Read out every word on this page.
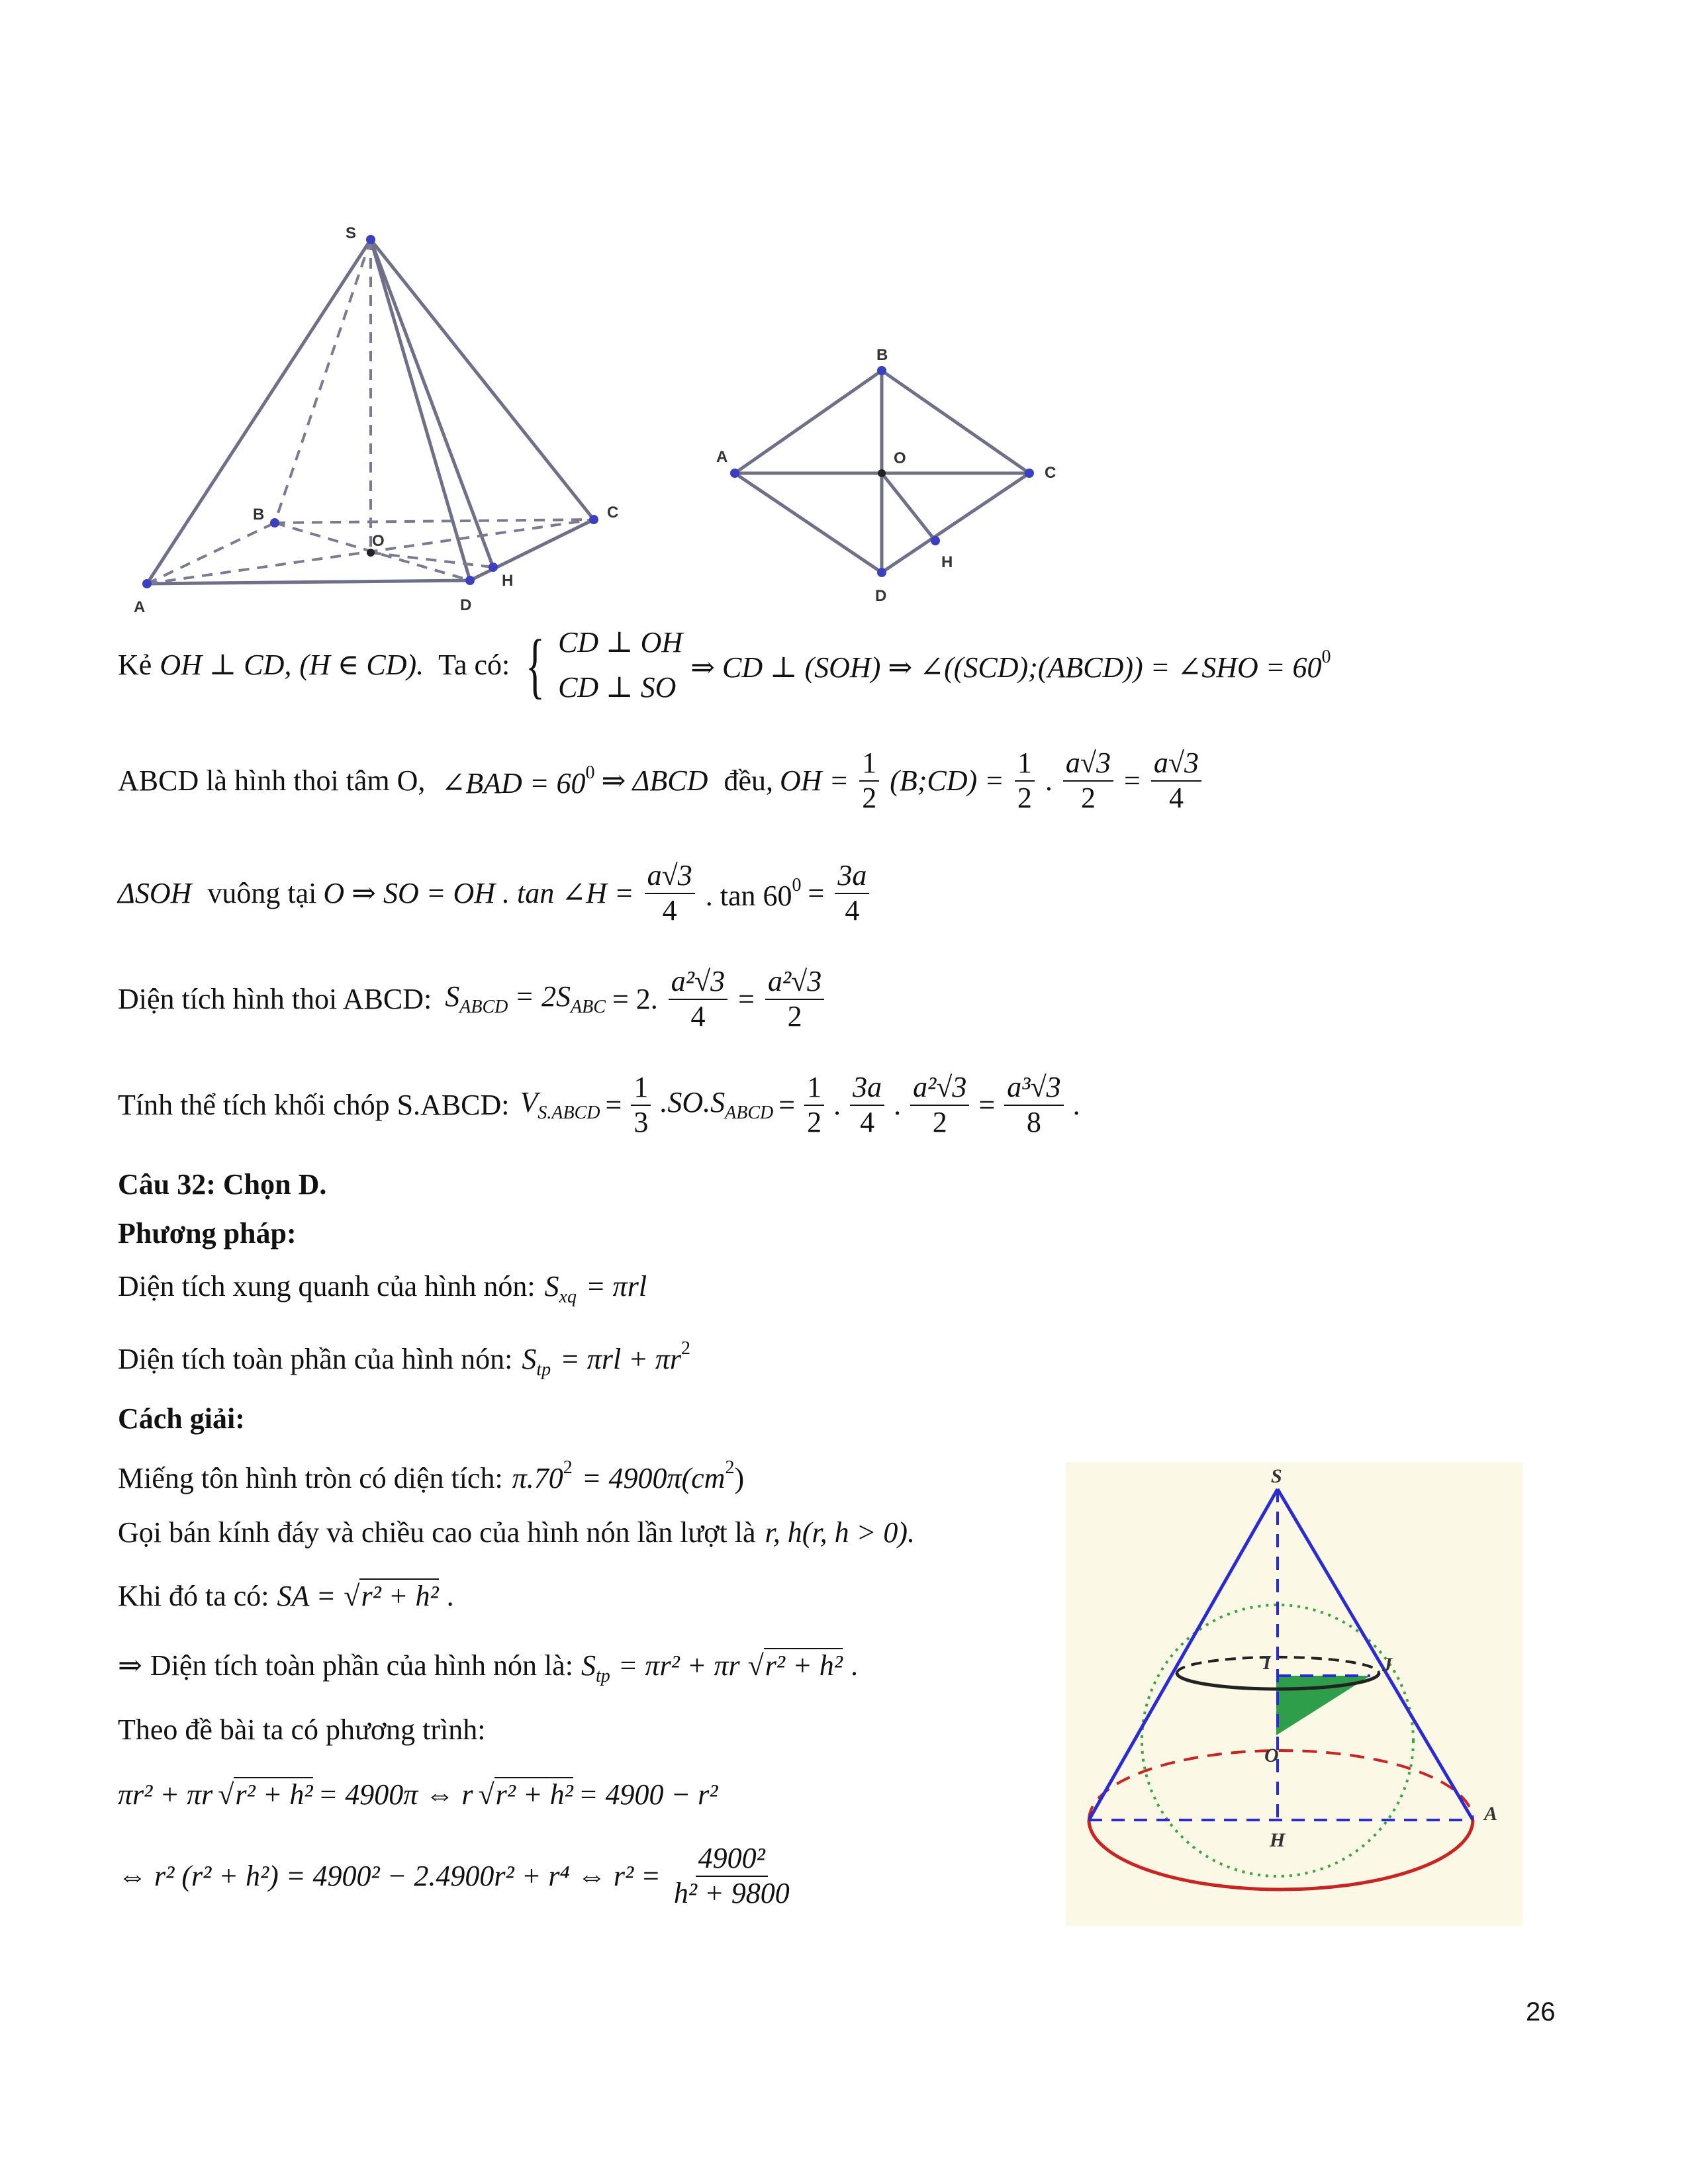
S
B
O
C
A	D
H
B
A	O
C
H
D
Kẻ OH ⊥ CD, (H ∈ CD). Ta có: { CD ⊥ OH
CD ⊥ SO
⇒ CD ⊥ (SOH) ⇒ ∠((SCD);(ABCD)) = ∠SHO = $60^0$
ABCD là hình thoi tâm O, ∠BAD = $60^0$ ⇒ ΔBCD đều, OH = $\frac{1}{2}$ (B;CD) = $\frac{1}{2}$ . $\frac{a√3}{2} = \frac{a√3}{4}$
ΔSOH vuông tại O ⇒ SO = OH . tan ∠H = $\frac{a√3}{4}$ . $\tan 60^0 = \frac{3a}{4}$
Diện tích hình thoi ABCD: $S_{ABCD} = 2S_{ABC} = 2$. $\frac{\text{a²√3}}{4} = \frac{\text{a²√3}}{2}$
Tính thể tích khối chóp S.ABCD: $V_{S.ABCD} = \frac{1}{3} .SO.S_{ABCD} = \frac{1}{2}$ . $\frac{3a}{4}$ . $\frac{\text{a²√3}}{2} = \frac{\text{a³√3}}{8}$ .
Câu 32: Chọn D.
Phương pháp:
Diện tích xung quanh của hình nón: $S_{xq} = \pi rl$
Diện tích toàn phần của hình nón: $S_{tp} = \pi rl + \pi r^2$
Cách giải:
Miếng tôn hình tròn có diện tích: $\pi.70^2 = 4900\pi(cm^2)$
Gọi bán kính đáy và chiều cao của hình nón lần lượt là r, h(r, h > 0).
Khi đó ta có: SA = √r² + h² .
⇒ Diện tích toàn phần của hình nón là: $S_{tp} = \pi r^2 + \pi r$ √r² + h² .
Theo đề bài ta có phương trình:
πr² + πr √r² + h² = 4900π ⇔ r √r² + h² = 4900 − r²
⇔ r² (r² + h²) = 4900² − 2.4900r² + r⁴ ⇔ $r^2 = \frac{\text{4900²}}{\text{h² + 9800}}$
S
I	J
O
H
A
26
